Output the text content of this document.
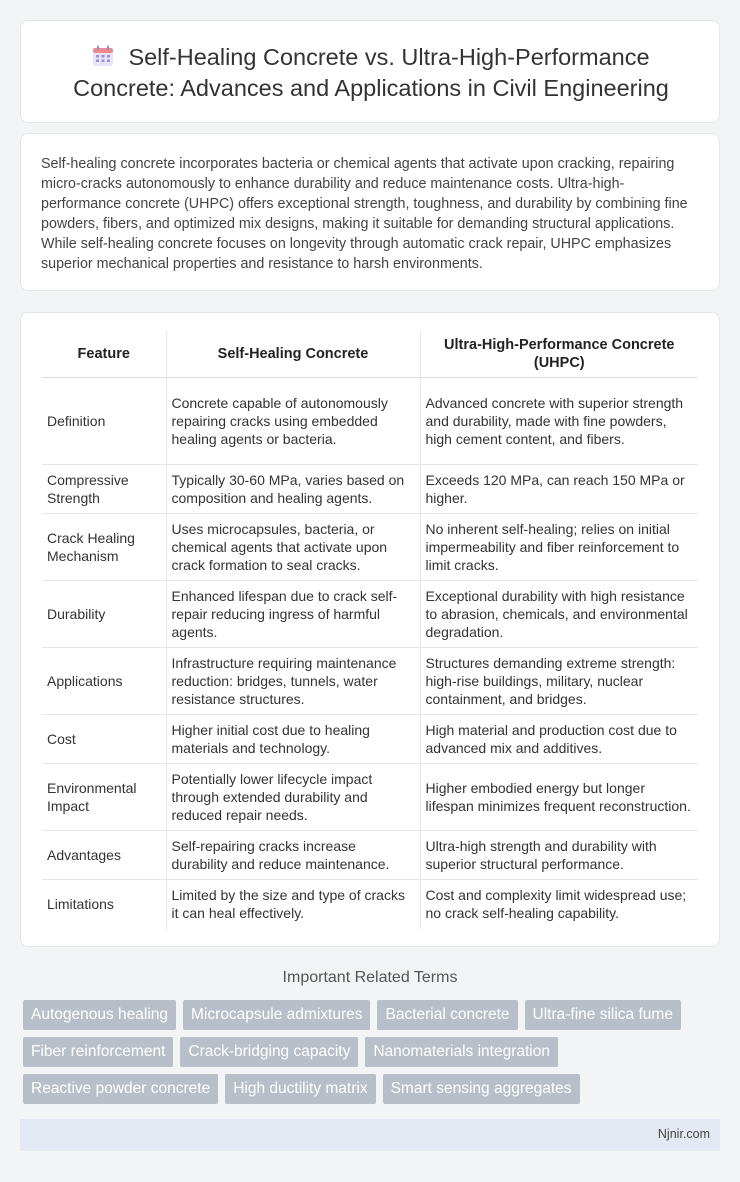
Self-Healing Concrete vs. Ultra-High-Performance Concrete: Advances and Applications in Civil Engineering

Self-healing concrete incorporates bacteria or chemical agents that activate upon cracking, repairing micro-cracks autonomously to enhance durability and reduce maintenance costs. Ultra-high-performance concrete (UHPC) offers exceptional strength, toughness, and durability by combining fine powders, fibers, and optimized mix designs, making it suitable for demanding structural applications. While self-healing concrete focuses on longevity through automatic crack repair, UHPC emphasizes superior mechanical properties and resistance to harsh environments.

Feature	Self-Healing Concrete	Ultra-High-Performance Concrete (UHPC)
Definition	Concrete capable of autonomously repairing cracks using embedded healing agents or bacteria.	Advanced concrete with superior strength and durability, made with fine powders, high cement content, and fibers.
Compressive Strength	Typically 30-60 MPa, varies based on composition and healing agents.	Exceeds 120 MPa, can reach 150 MPa or higher.
Crack Healing Mechanism	Uses microcapsules, bacteria, or chemical agents that activate upon crack formation to seal cracks.	No inherent self-healing; relies on initial impermeability and fiber reinforcement to limit cracks.
Durability	Enhanced lifespan due to crack self-repair reducing ingress of harmful agents.	Exceptional durability with high resistance to abrasion, chemicals, and environmental degradation.
Applications	Infrastructure requiring maintenance reduction: bridges, tunnels, water resistance structures.	Structures demanding extreme strength: high-rise buildings, military, nuclear containment, and bridges.
Cost	Higher initial cost due to healing materials and technology.	High material and production cost due to advanced mix and additives.
Environmental Impact	Potentially lower lifecycle impact through extended durability and reduced repair needs.	Higher embodied energy but longer lifespan minimizes frequent reconstruction.
Advantages	Self-repairing cracks increase durability and reduce maintenance.	Ultra-high strength and durability with superior structural performance.
Limitations	Limited by the size and type of cracks it can heal effectively.	Cost and complexity limit widespread use; no crack self-healing capability.
Important Related Terms
Autogenous healing	Microcapsule admixtures	Bacterial concrete	Ultra-fine silica fume
Fiber reinforcement	Crack-bridging capacity	Nanomaterials integration
Reactive powder concrete	High ductility matrix	Smart sensing aggregates
Njnir.com
